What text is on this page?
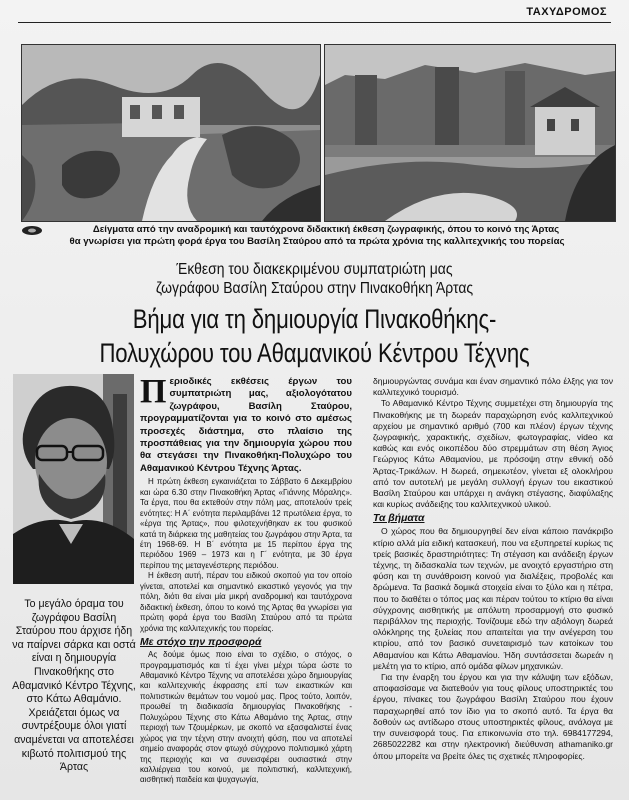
ΤΑΧΥΔΡΟΜΟΣ
Δείγματα από την αναδρομική και ταυτόχρονα διδακτική έκθεση ζωγραφικής, όπου το κοινό της Άρτας
θα γνωρίσει για πρώτη φορά έργα του Βασίλη Σταύρου από τα πρώτα χρόνια της καλλιτεχνικής του πορείας
Έκθεση του διακεκριμένου συμπατριώτη μας
ζωγράφου Βασίλη Σταύρου στην Πινακοθήκη Άρτας
Βήμα για τη δημιουργία Πινακοθήκης-
Πολυχώρου του Αθαμανικού Κέντρου Τέχνης
Το μεγάλο όραμα του ζωγράφου Βασίλη Σταύρου που άρχισε ήδη να παίρνει σάρκα και οστά είναι η δημιουργία Πινακοθήκης στο Αθαμανικό Κέντρο Τέχνης, στο Κάτω Αθαμάνιο. Χρειάζεται όμως να συντρέξουμε όλοι γιατί αναμένεται να αποτελέσει κιβωτό πολιτισμού της Άρτας

Περιοδικές εκθέσεις έργων του συμπατριώτη μας, αξιολογότατου ζωγράφου, Βασίλη Σταύρου, προγραμματίζονται για το κοινό στο αμέσως προσεχές διάστημα, στο πλαίσιο της προσπάθειας για την δημιουργία χώρου που θα στεγάσει την Πινακοθήκη-Πολυχώρο του Αθαμανικού Κέντρου Τέχνης Άρτας.

Η πρώτη έκθεση εγκαινιάζεται το Σάββατο 6 Δεκεμβρίου και ώρα 6.30 στην Πινακοθήκη Άρτας «Γιάννης Μόραλης». Τα έργα, που θα εκτεθούν στην πόλη μας, αποτελούν τρείς ενότητες: Η Α΄ ενότητα περιλαμβάνει 12 πρωτόλεια έργα, το «έργα της Άρτας», που φιλοτεχνήθηκαν εκ του φυσικού κατά τη διάρκεια της μαθητείας του ζωγράφου στην Άρτα, τα έτη 1968-69. Η Β΄ ενότητα με 15 περίπου έργα της περιόδου 1969 – 1973 και η Γ΄ ενότητα, με 30 έργα περίπου της μεταγενέστερης περιόδου.

Η έκθεση αυτή, πέραν του ειδικού σκοπού για τον οποίο γίνεται, αποτελεί και σημαντικό εικαστικό γεγονός για την πόλη, διότι θα είναι μία μικρή αναδρομική και ταυτόχρονα διδακτική έκθεση, όπου το κοινό της Άρτας θα γνωρίσει για πρώτη φορά έργα του Βασίλη Σταύρου από τα πρώτα χρόνια της καλλιτεχνικής του πορείας.

Με στόχο την προσφορά

Ας δούμε όμως ποιο είναι το σχέδιο, ο στόχος, ο προγραμματισμός και τί έχει γίνει μέχρι τώρα ώστε το Αθαμανικό Κέντρο Τέχνης να αποτελέσει χώρο δημιουργίας και καλλιτεχνικής έκφρασης επί των εικαστικών και πολιτιστικών θεμάτων του νομού μας. Προς τούτο, λοιπόν, προωθεί τη διαδικασία δημιουργίας Πινακοθήκης - Πολυχώρου Τέχνης στο Κάτω Αθαμάνιο της Άρτας, στην περιοχή των Τζουμέρκων, με σκοπό να εξασφαλιστεί ένας χώρος για την τέχνη στην ανοιχτή φύση, που να αποτελεί σημείο αναφοράς στον φτωχό σύγχρονο πολιτισμικό χάρτη της περιοχής και να συνεισφέρει ουσιαστικά στην καλλιέργεια του κοινού, με πολιτιστική, καλλιτεχνική, αισθητική παιδεία και ψυχαγωγία,

δημιουργώντας συνάμα και έναν σημαντικό πόλο έλξης για τον καλλιτεχνικό τουρισμό.

Το Αθαμανικό Κέντρο Τέχνης συμμετέχει στη δημιουργία της Πινακοθήκης με τη δωρεάν παραχώρηση ενός καλλιτεχνικού αρχείου με σημαντικό αριθμό (700 και πλέον) έργων τέχνης ζωγραφικής, χαρακτικής, σχεδίων, φωτογραφίας, video κα καθώς και ενός οικοπέδου δύο στρεμμάτων στη θέση Άγιος Γεώργιος Κάτω Αθαμανίου, με πρόσοψη στην εθνική οδό Άρτας-Τρικάλων. Η δωρεά, σημειωτέον, γίνεται εξ ολοκλήρου από τον αυτοτελή με μεγάλη συλλογή έργων του εικαστικού Βασίλη Σταύρου και υπάρχει η ανάγκη στέγασης, διαφύλαξης και κυρίως ανάδειξης του καλλιτεχνικού υλικού.

Τα βήματα

Ο χώρος που θα δημιουργηθεί δεν είναι κάποιο πανάκριβο κτίριο αλλά μία ειδική κατασκευή, που να εξυπηρετεί κυρίως τις τρείς βασικές δραστηριότητες: Τη στέγαση και ανάδειξη έργων τέχνης, τη διδασκαλία των τεχνών, με ανοιχτό εργαστήριο στη φύση και τη συνάθροιση κοινού για διαλέξεις, προβολές και δρώμενα. Τα βασικά δομικά στοιχεία είναι το ξύλο και η πέτρα, που το διαθέτει ο τόπος μας και πέραν τούτου το κτίριο θα είναι σύγχρονης αισθητικής με απόλυτη προσαρμογή στο φυσικό περιβάλλον της περιοχής. Τονίζουμε εδώ την αξιόλογη δωρεά ολόκληρης της ξυλείας που απαιτείται για την ανέγερση του κτιρίου, από τον βασικό συνεταιρισμό των κατοίκων του Αθαμανίου και Κάτω Αθαμανίου. Ήδη συντάσσεται δωρεάν η μελέτη για το κτίριο, από ομάδα φίλων μηχανικών.

Για την έναρξη του έργου και για την κάλυψη των εξόδων, αποφασίσαμε να διατεθούν για τους φίλους υποστηρικτές του έργου, πίνακες του ζωγράφου Βασίλη Σταύρου που έχουν παραχωρηθεί από τον ίδιο για το σκοπό αυτό. Τα έργα θα δοθούν ως αντίδωρο στους υποστηρικτές φίλους, ανάλογα με την συνεισφορά τους. Για επικοινωνία στο τηλ. 6984177294, 2685022282 και στην ηλεκτρονική διεύθυνση athamaniko.gr όπου μπορείτε να βρείτε όλες τις σχετικές πληροφορίες.
